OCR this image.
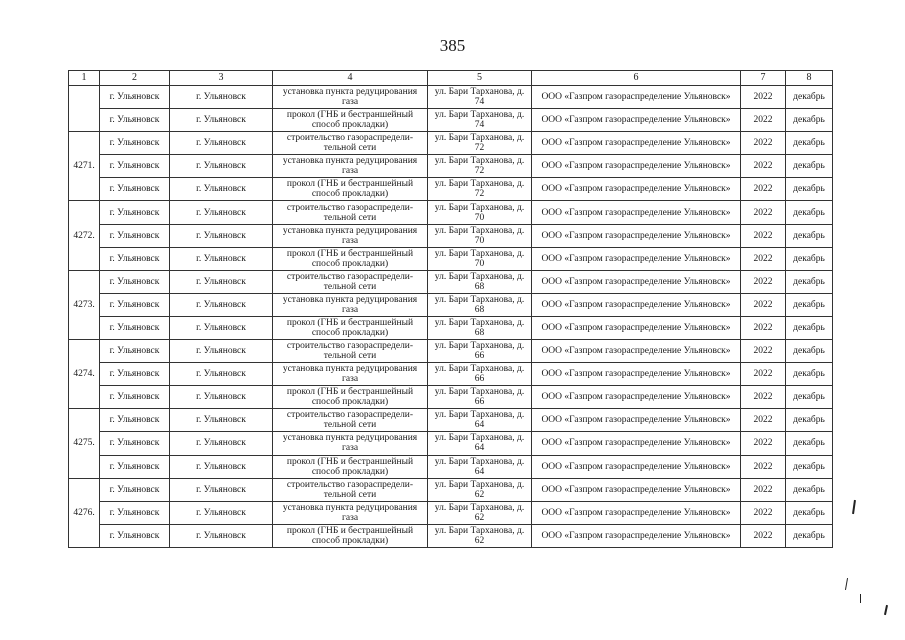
385
1	2	3	4	5	6	7	8
	г. Ульяновск	г. Ульяновск	установка пункта редуцирования газа	ул. Бари Тарханова, д. 74	ООО «Газпром газораспределение Ульяновск»	2022	декабрь
	г. Ульяновск	г. Ульяновск	прокол (ГНБ и бестраншейный способ прокладки)	ул. Бари Тарханова, д. 74	ООО «Газпром газораспределение Ульяновск»	2022	декабрь
4271.	г. Ульяновск	г. Ульяновск	строительство газораспредели-тельной сети	ул. Бари Тарханова, д. 72	ООО «Газпром газораспределение Ульяновск»	2022	декабрь
	г. Ульяновск	г. Ульяновск	установка пункта редуцирования газа	ул. Бари Тарханова, д. 72	ООО «Газпром газораспределение Ульяновск»	2022	декабрь
	г. Ульяновск	г. Ульяновск	прокол (ГНБ и бестраншейный способ прокладки)	ул. Бари Тарханова, д. 72	ООО «Газпром газораспределение Ульяновск»	2022	декабрь
4272.	г. Ульяновск	г. Ульяновск	строительство газораспредели-тельной сети	ул. Бари Тарханова, д. 70	ООО «Газпром газораспределение Ульяновск»	2022	декабрь
	г. Ульяновск	г. Ульяновск	установка пункта редуцирования газа	ул. Бари Тарханова, д. 70	ООО «Газпром газораспределение Ульяновск»	2022	декабрь
	г. Ульяновск	г. Ульяновск	прокол (ГНБ и бестраншейный способ прокладки)	ул. Бари Тарханова, д. 70	ООО «Газпром газораспределение Ульяновск»	2022	декабрь
4273.	г. Ульяновск	г. Ульяновск	строительство газораспредели-тельной сети	ул. Бари Тарханова, д. 68	ООО «Газпром газораспределение Ульяновск»	2022	декабрь
	г. Ульяновск	г. Ульяновск	установка пункта редуцирования газа	ул. Бари Тарханова, д. 68	ООО «Газпром газораспределение Ульяновск»	2022	декабрь
	г. Ульяновск	г. Ульяновск	прокол (ГНБ и бестраншейный способ прокладки)	ул. Бари Тарханова, д. 68	ООО «Газпром газораспределение Ульяновск»	2022	декабрь
4274.	г. Ульяновск	г. Ульяновск	строительство газораспредели-тельной сети	ул. Бари Тарханова, д. 66	ООО «Газпром газораспределение Ульяновск»	2022	декабрь
	г. Ульяновск	г. Ульяновск	установка пункта редуцирования газа	ул. Бари Тарханова, д. 66	ООО «Газпром газораспределение Ульяновск»	2022	декабрь
	г. Ульяновск	г. Ульяновск	прокол (ГНБ и бестраншейный способ прокладки)	ул. Бари Тарханова, д. 66	ООО «Газпром газораспределение Ульяновск»	2022	декабрь
4275.	г. Ульяновск	г. Ульяновск	строительство газораспредели-тельной сети	ул. Бари Тарханова, д. 64	ООО «Газпром газораспределение Ульяновск»	2022	декабрь
	г. Ульяновск	г. Ульяновск	установка пункта редуцирования газа	ул. Бари Тарханова, д. 64	ООО «Газпром газораспределение Ульяновск»	2022	декабрь
	г. Ульяновск	г. Ульяновск	прокол (ГНБ и бестраншейный способ прокладки)	ул. Бари Тарханова, д. 64	ООО «Газпром газораспределение Ульяновск»	2022	декабрь
4276.	г. Ульяновск	г. Ульяновск	строительство газораспредели-тельной сети	ул. Бари Тарханова, д. 62	ООО «Газпром газораспределение Ульяновск»	2022	декабрь
	г. Ульяновск	г. Ульяновск	установка пункта редуцирования газа	ул. Бари Тарханова, д. 62	ООО «Газпром газораспределение Ульяновск»	2022	декабрь
	г. Ульяновск	г. Ульяновск	прокол (ГНБ и бестраншейный способ прокладки)	ул. Бари Тарханова, д. 62	ООО «Газпром газораспределение Ульяновск»	2022	декабрь
